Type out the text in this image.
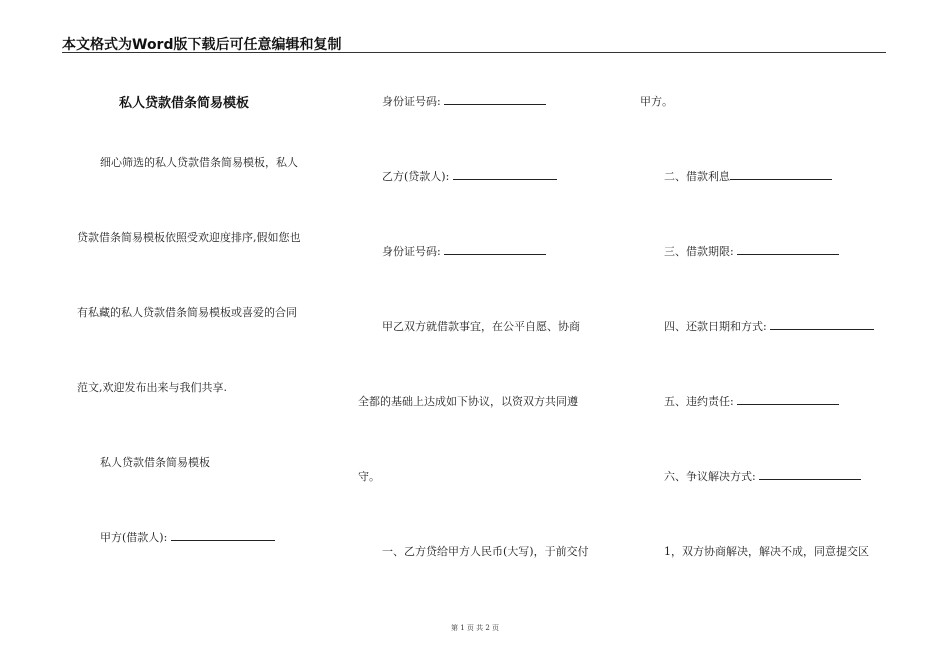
本文格式为Word版下载后可任意编辑和复制
私人贷款借条简易模板
细心筛选的私人贷款借条简易模板，私人
贷款借条简易模板依照受欢迎度排序,假如您也
有私藏的私人贷款借条简易模板或喜爱的合同
范文,欢迎发布出来与我们共享.
私人贷款借条简易模板
甲方(借款人):
身份证号码:
乙方(贷款人):
身份证号码:
甲乙双方就借款事宜，在公平自愿、协商
全都的基础上达成如下协议，以资双方共同遵
守。
一、乙方贷给甲方人民币(大写)，于前交付
甲方。
二、借款利息
三、借款期限:
四、还款日期和方式:
五、违约责任:
六、争议解决方式:
1，双方协商解决，解决不成，同意提交区
第 1 页 共 2 页
